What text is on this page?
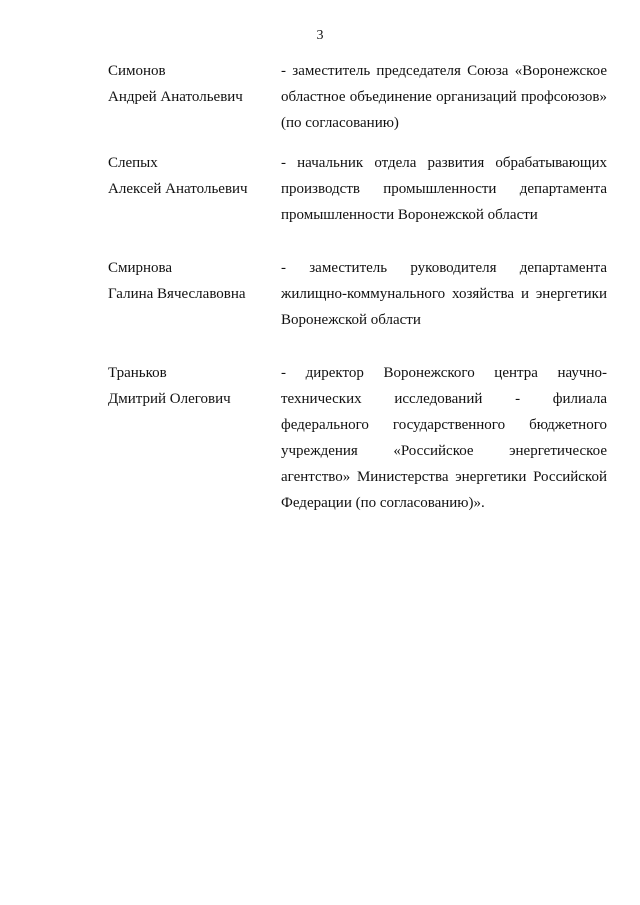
3
Симонов
Андрей Анатольевич
- заместитель председателя Союза «Воронежское
областное объединение организаций профсоюзов»
(по согласованию)
Слепых
Алексей Анатольевич
- начальник отдела развития обрабатывающих
производств промышленности департамента
промышленности Воронежской области
Смирнова
Галина Вячеславовна
- заместитель руководителя департамента
жилищно-коммунального хозяйства и энергетики
Воронежской области
Траньков
Дмитрий Олегович
- директор Воронежского центра научно-
технических исследований - филиала
федерального государственного бюджетного
учреждения «Российское энергетическое
агентство» Министерства энергетики Российской
Федерации (по согласованию)».
